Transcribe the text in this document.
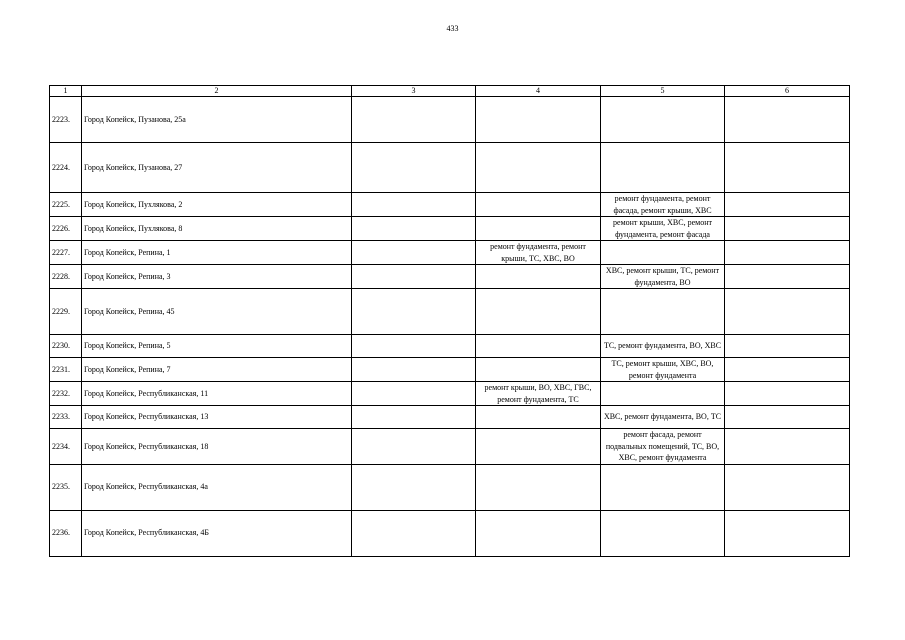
433
1	2	3	4	5	6
2223.	Город Копейск, Пузанова, 25а				
2224.	Город Копейск, Пузанова, 27				
2225.	Город Копейск, Пухлякова, 2			ремонт фундамента, ремонт фасада, ремонт крыши, ХВС	
2226.	Город Копейск, Пухлякова, 8			ремонт крыши, ХВС, ремонт фундамента, ремонт фасада	
2227.	Город Копейск, Репина, 1		ремонт фундамента, ремонт крыши, ТС, ХВС, ВО		
2228.	Город Копейск, Репина, 3			ХВС, ремонт крыши, ТС, ремонт фундамента, ВО	
2229.	Город Копейск, Репина, 45				
2230.	Город Копейск, Репина, 5			ТС, ремонт фундамента, ВО, ХВС	
2231.	Город Копейск, Репина, 7			ТС, ремонт крыши, ХВС, ВО, ремонт фундамента	
2232.	Город Копейск, Республиканская, 11		ремонт крыши, ВО, ХВС, ГВС, ремонт фундамента, ТС		
2233.	Город Копейск, Республиканская, 13			ХВС, ремонт фундамента, ВО, ТС	
2234.	Город Копейск, Республиканская, 18			ремонт фасада, ремонт подвальных помещений, ТС, ВО, ХВС, ремонт фундамента	
2235.	Город Копейск, Республиканская, 4а				
2236.	Город Копейск, Республиканская, 4Б				
